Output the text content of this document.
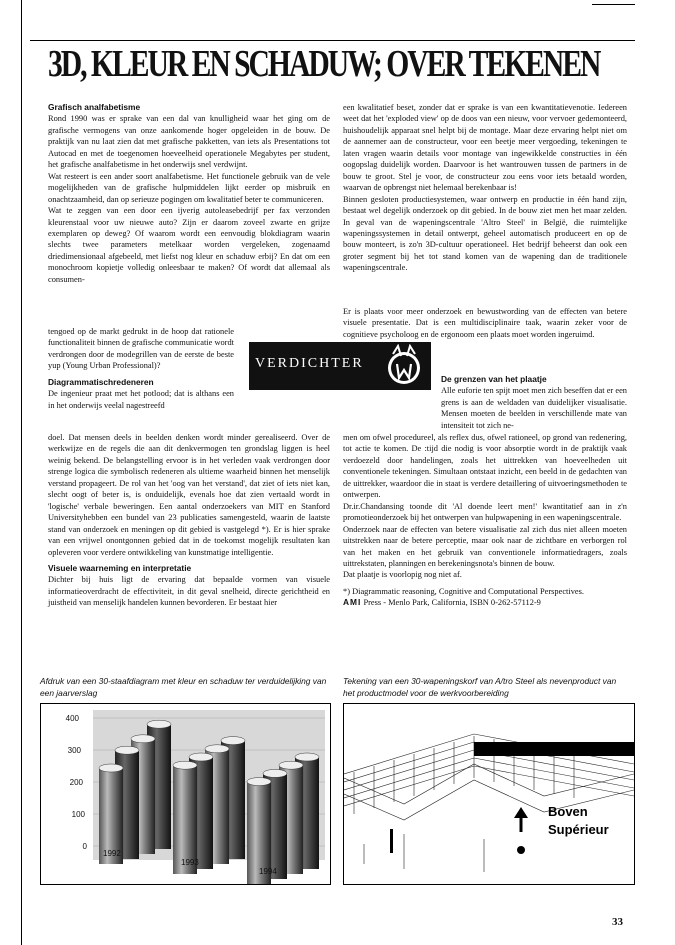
3D, KLEUR EN SCHADUW; OVER TEKENEN

Grafisch analfabetisme

Rond 1990 was er sprake van een dal van knulligheid waar het ging om de grafische vermogens van onze aankomende hoger opgeleiden in de bouw. De praktijk van nu laat zien dat met grafische pakketten, van iets als Presentations tot Autocad en met de toegenomen hoeveelheid operationele Megabytes per student, het grafische analfabetisme in het onderwijs snel verdwijnt.

Wat resteert is een ander soort analfabetisme. Het functionele gebruik van de vele mogelijkheden van de grafische hulpmiddelen lijkt eerder op misbruik en onachtzaamheid, dan op serieuze pogingen om kwalitatief beter te communiceren.

Wat te zeggen van een door een ijverig autoleasebedrijf per fax verzonden kleurenstaal voor uw nieuwe auto? Zijn er daarom zoveel zwarte en grijze exemplaren op deweg? Of waarom wordt een eenvoudig blokdiagram waarin slechts twee parameters metelkaar worden vergeleken, zogenaamd driedimensionaal afgebeeld, met liefst nog kleur en schaduw erbij? En dat om een monochroom kopietje volledig onleesbaar te maken? Of wordt dat allemaal als consumen-

tengoed op de markt gedrukt in de hoop dat rationele functionaliteit binnen de grafische communicatie wordt verdrongen door de modegrillen van de eerste de beste yup (Young Urban Professional)?

Diagrammatischredeneren

De ingenieur praat met het potlood; dat is althans een in het onderwijs veelal nagestreefd

doel. Dat mensen deels in beelden denken wordt minder gerealiseerd. Over de werkwijze en de regels die aan dit denkvermogen ten grondslag liggen is heel weinig bekend. De belangstelling ervoor is in het verleden vaak verdrongen door strenge logica die symbolisch redeneren als ultieme waarheid binnen het menselijk verstand propageert. De rol van het 'oog van het verstand', dat ziet of iets niet kan, slecht oogt of beter is, is onduidelijk, evenals hoe dat zien vertaald wordt in 'logische' verbale beweringen. Een aantal onderzoekers van MIT en Stanford Universityhebben een bundel van 23 publicaties samengesteld, waarin de laatste stand van onderzoek en meningen op dit gebied is vastgelegd *). Er is hier sprake van een vrijwel onontgonnen gebied dat in de toekomst mogelijk resultaten kan opleveren voor verdere ontwikkeling van kunstmatige intelligentie.

Visuele waarneming en interpretatie

Dichter bij huis ligt de ervaring dat bepaalde vormen van visuele informatieoverdracht de effectiviteit, in dit geval snelheid, directe gerichtheid en juistheid van menselijk handelen kunnen bevorderen. Er bestaat hier

VERDICHTER

een kwalitatief beset, zonder dat er sprake is van een kwantitatievenotie. Iedereen weet dat het 'exploded view' op de doos van een nieuw, voor vervoer gedemonteerd, huishoudelijk apparaat snel helpt bij de montage. Maar deze ervaring helpt niet om de aannemer aan de constructeur, voor een beetje meer vergoeding, tekeningen te laten vragen waarin details voor montage van ingewikkelde constructies in één oogopslag duidelijk worden. Daarvoor is het wantrouwen tussen de partners in de bouw te groot. Stel je voor, de constructeur zou eens voor iets betaald worden, waarvan de opbrengst niet helemaal berekenbaar is!

Binnen gesloten productiesystemen, waar ontwerp en productie in één hand zijn, bestaat wel degelijk onderzoek op dit gebied. In de bouw ziet men het maar zelden. In geval van de wapeningscentrale 'Altro Steel' in België, die ruimtelijke wapeningssystemen in detail ontwerpt, geheel automatisch produceert en op de bouw monteert, is zo'n 3D-cultuur operationeel. Het bedrijf beheerst dan ook een groter segment bij het tot stand komen van de wapening dan de traditionele wapeningscentrale.

Er is plaats voor meer onderzoek en bewustwording van de effecten van betere visuele presentatie. Dat is een multidisciplinaire taak, waarin zeker voor de cognitieve psycholoog en de ergonoom een plaats moet worden ingeruimd.

De grenzen van het plaatje

Alle euforie ten spijt moet men zich beseffen dat er een grens is aan de weldaden van duidelijker visualisatie. Mensen moeten de beelden in verschillende mate van intensiteit tot zich ne-

men om ofwel procedureel, als reflex dus, ofwel rationeel, op grond van redenering, tot actie te komen. De :tijd die nodig is voor absorptie wordt in de praktijk vaak verdoezeld door handelingen, zoals het uittrekken van hoeveelheden uit conventionele tekeningen. Simultaan ontstaat inzicht, een beeld in de gedachten van de uittrekker, waardoor die in staat is verdere detaillering of uitvoeringsmethoden te ontwerpen.

Dr.ir.Chandansing toonde dit 'Al doende leert men!' kwantitatief aan in z'n promotieonderzoek bij het ontwerpen van hulpwapening in een wapeningscentrale.

Onderzoek naar de effecten van betere visualisatie zal zich dus niet alleen moeten uitstrekken naar de betere perceptie, maar ook naar de zichtbare en verborgen rol van het maken en het gebruik van conventionele informatiedragers, zoals uittrekstaten, planningen en berekeningsnota's binnen de bouw.

Dat plaatje is voorlopig nog niet af.

*) Diagrammatic reasoning, Cognitive and Computational Perspectives.
AMI Press - Menlo Park, California, ISBN 0-262-57112-9
Afdruk van een 30-staafdiagram met kleur en schaduw ter verduidelijking van een jaarverslag
Tekening van een 30-wapeningskorf van A/tro Steel als nevenproduct van het productmodel voor de werkvoorbereiding
0
100
200
300
400
1992
1993
1994
Boven
Supérieur
33
